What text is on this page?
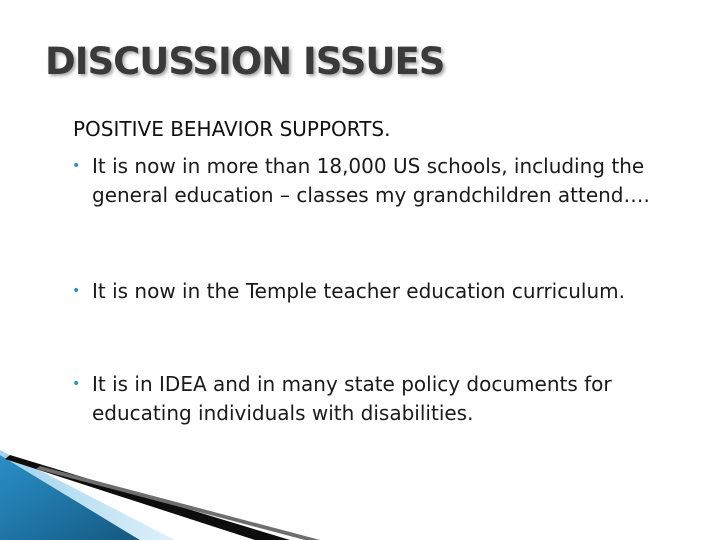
DISCUSSION ISSUES
POSITIVE BEHAVIOR SUPPORTS .
• It is now in more than 18,000 US schools, including the general education – classes my grandchildren attend….
• It is now in the Temple teacher education curriculum.
• It is in IDEA and in many state policy documents for educating individuals with disabilities.
